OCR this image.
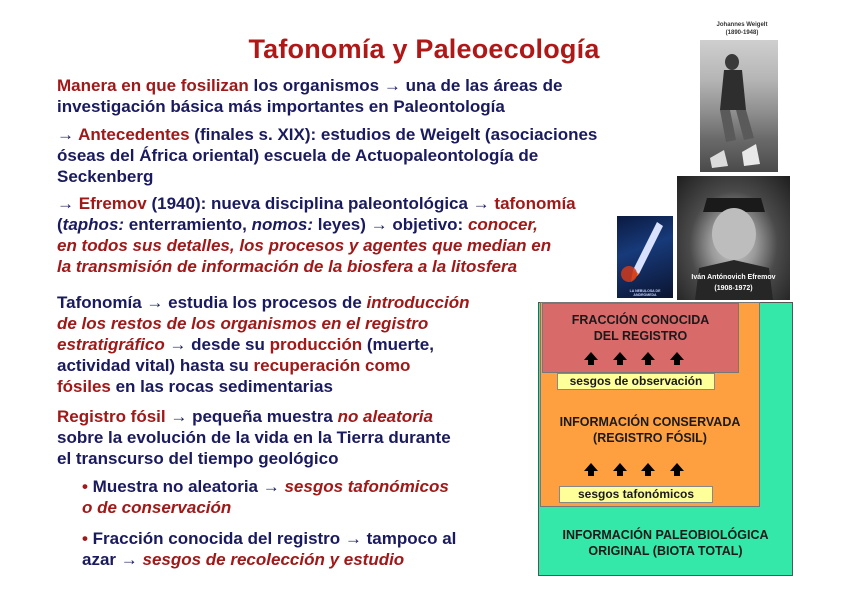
Tafonomía y Paleoecología
Manera en que fosilizan los organismos → una de las áreas de
investigación básica más importantes en Paleontología
→ Antecedentes (finales s. XIX): estudios de Weigelt (asociaciones
óseas del África oriental) escuela de Actuopaleontología de
Seckenberg
→ Efremov (1940): nueva disciplina paleontológica → tafonomía
(taphos: enterramiento, nomos: leyes) → objetivo: conocer,
en todos sus detalles, los procesos y agentes que median en
la transmisión de información de la biosfera a la litosfera
Tafonomía → estudia los procesos de introducción
de los restos de los organismos en el registro
estratigráfico → desde su producción (muerte,
actividad vital) hasta su recuperación como
fósiles en las rocas sedimentarias
Registro fósil → pequeña muestra no aleatoria
sobre la evolución de la vida en la Tierra durante
el transcurso del tiempo geológico
• Muestra no aleatoria → sesgos tafonómicos
o de conservación
• Fracción conocida del registro → tampoco al
azar → sesgos de recolección y estudio
Johannes Weigelt
(1890-1948)
Iván Antónovich Efremov
(1908-1972)
LA NEBULOSA DE ANDRÓMEDA
FRACCIÓN CONOCIDA
DEL REGISTRO
sesgos de observación
INFORMACIÓN CONSERVADA
(REGISTRO FÓSIL)
sesgos tafonómicos
INFORMACIÓN PALEOBIOLÓGICA
ORIGINAL (BIOTA TOTAL)
